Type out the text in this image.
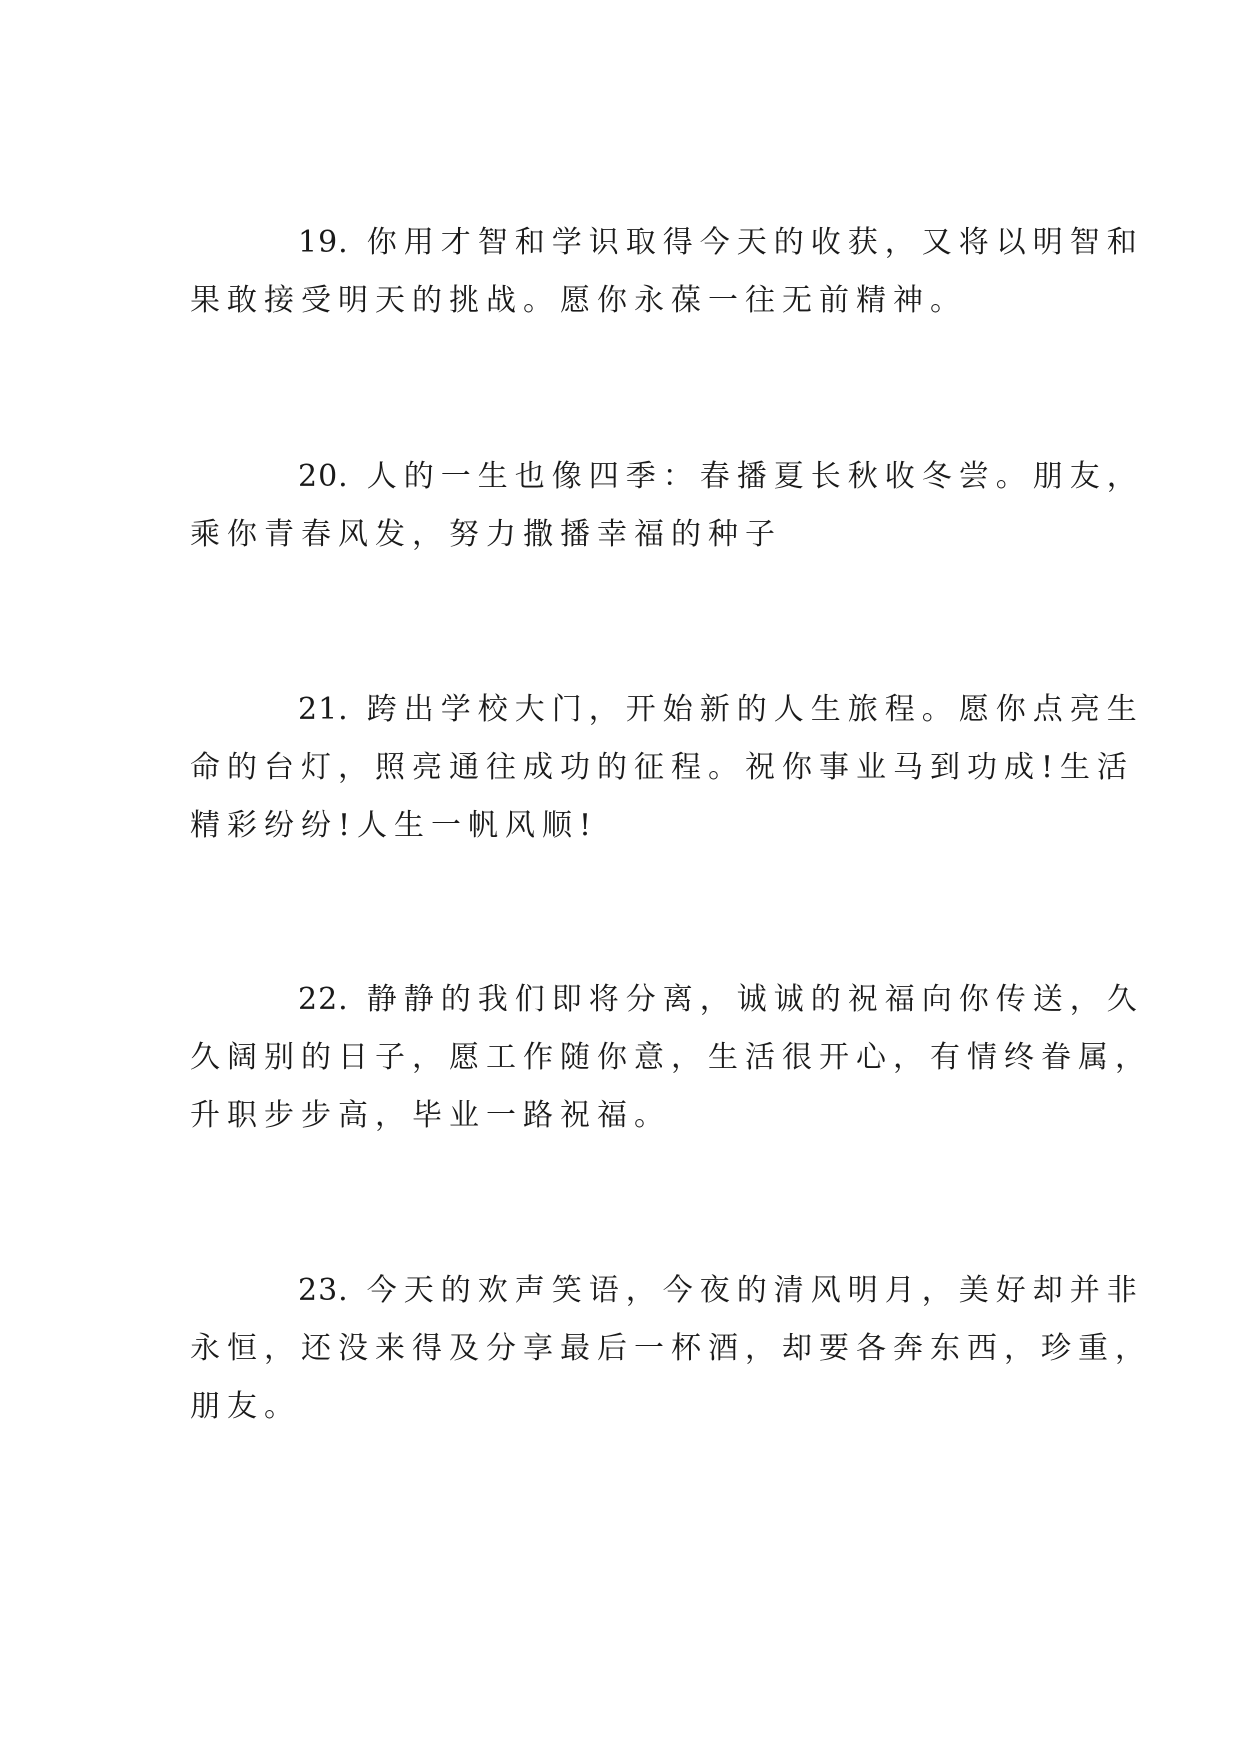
19. 你用才智和学识取得今天的收获，又将以明智和
果敢接受明天的挑战。愿你永葆一往无前精神。

20. 人的一生也像四季：春播夏长秋收冬尝。朋友，
乘你青春风发，努力撒播幸福的种子

21. 跨出学校大门，开始新的人生旅程。愿你点亮生
命的台灯，照亮通往成功的征程。祝你事业马到功成!生活
精彩纷纷!人生一帆风顺!

22. 静静的我们即将分离，诚诚的祝福向你传送，久
久阔别的日子，愿工作随你意，生活很开心，有情终眷属，
升职步步高，毕业一路祝福。

23. 今天的欢声笑语，今夜的清风明月，美好却并非
永恒，还没来得及分享最后一杯酒，却要各奔东西，珍重，
朋友。
